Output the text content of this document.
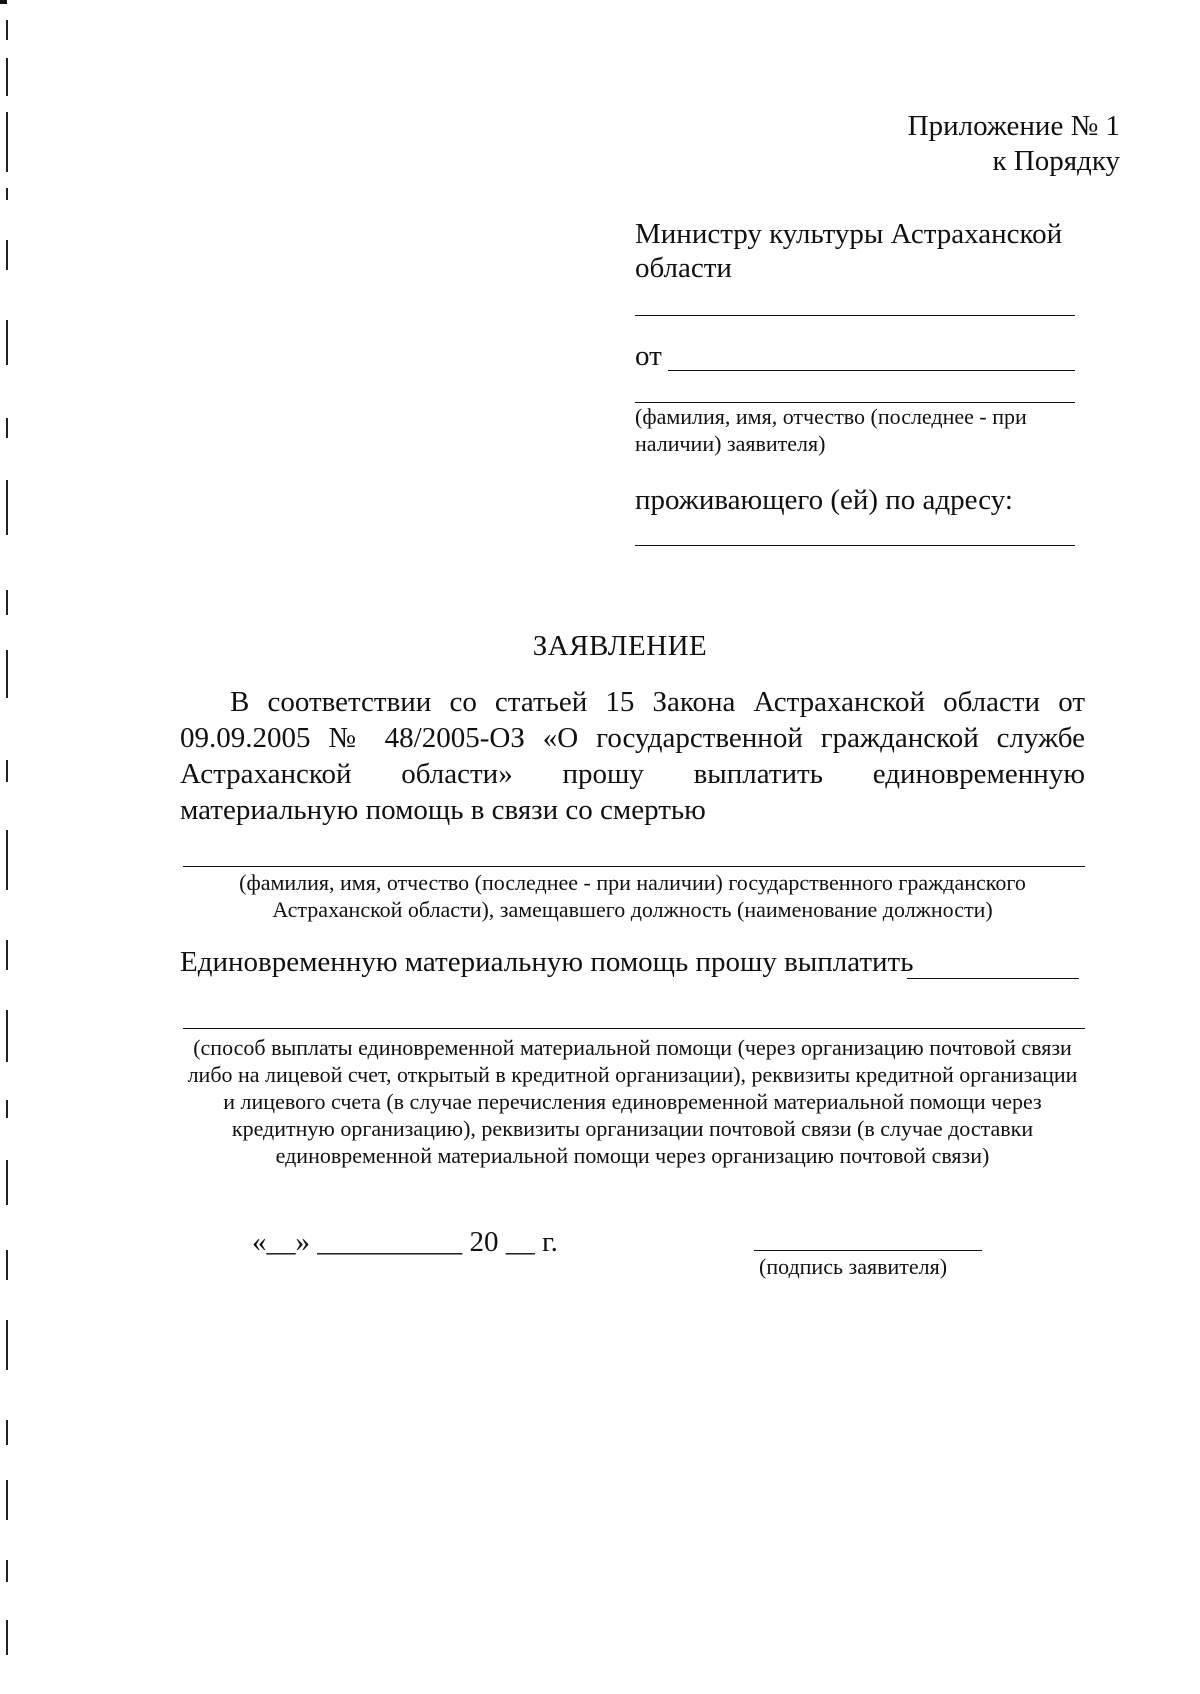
Приложение № 1
к Порядку
Министру культуры Астраханской области
от
(фамилия, имя, отчество (последнее - при наличии) заявителя)
проживающего (ей) по адресу:
ЗАЯВЛЕНИЕ
В соответствии со статьей 15 Закона Астраханской области от 09.09.2005 № 48/2005-ОЗ «О государственной гражданской службе Астраханской области» прошу выплатить единовременную материальную помощь в связи со смертью
(фамилия, имя, отчество (последнее - при наличии) государственного гражданского Астраханской области), замещавшего должность (наименование должности)
Единовременную материальную помощь прошу выплатить
(способ выплаты единовременной материальной помощи (через организацию почтовой связи либо на лицевой счет, открытый в кредитной организации), реквизиты кредитной организации и лицевого счета (в случае перечисления единовременной материальной помощи через кредитную организацию), реквизиты организации почтовой связи (в случае доставки единовременной материальной помощи через организацию почтовой связи)
«__» __________ 20 __ г.
(подпись заявителя)
